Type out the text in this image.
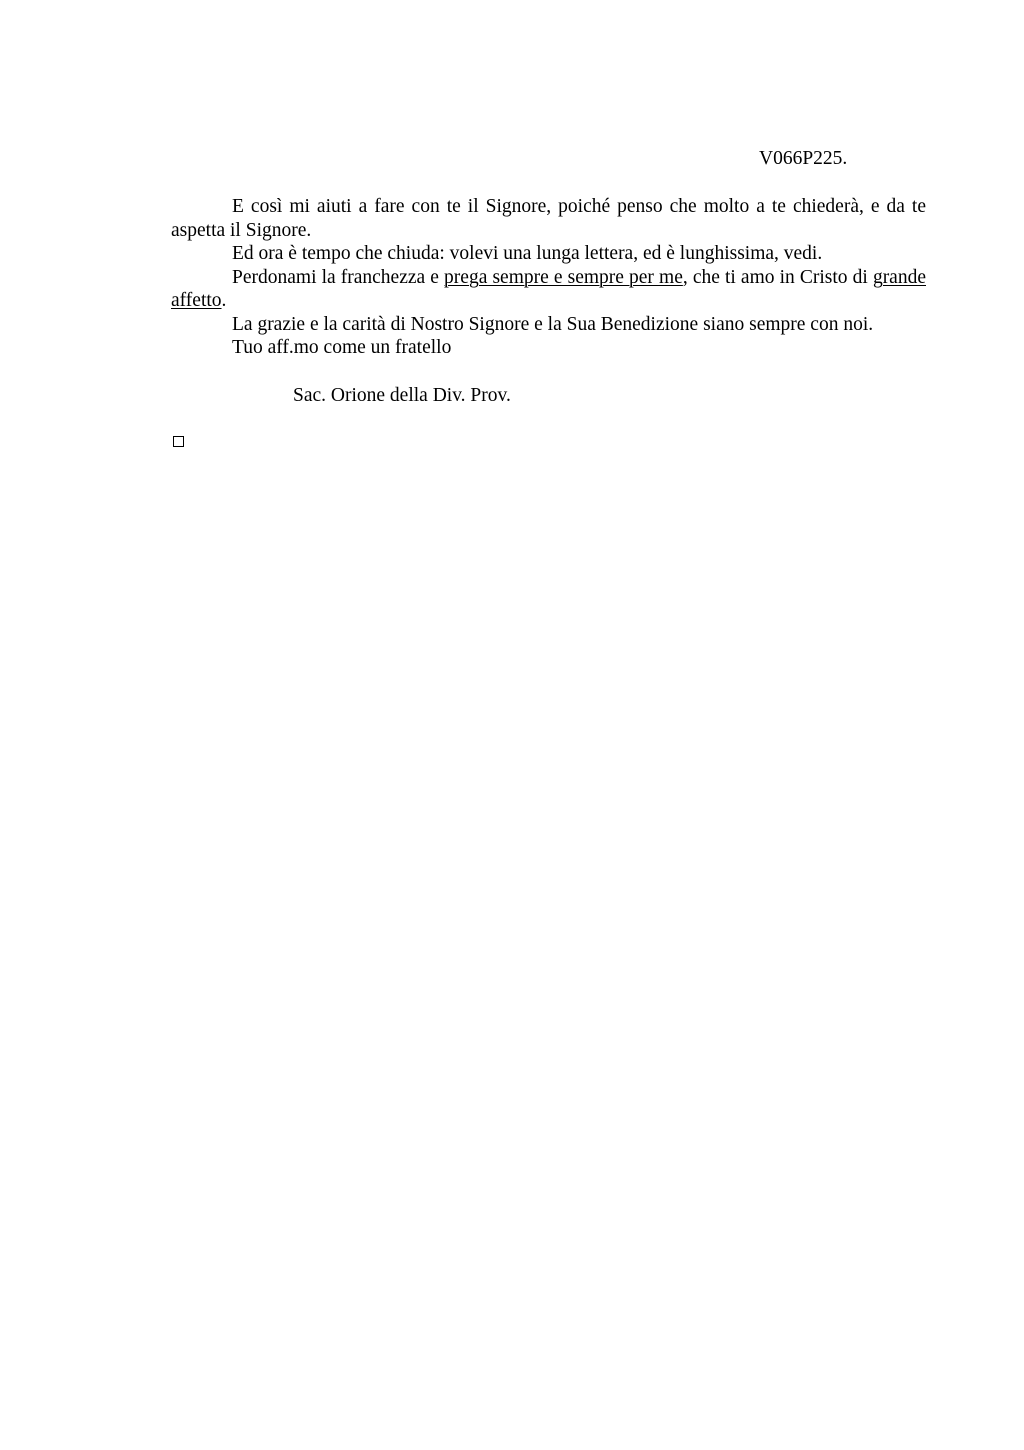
V066P225.

E così mi aiuti a fare con te il Signore, poiché penso che molto a te chiederà, e da te aspetta il Signore.

Ed ora è tempo che chiuda: volevi una lunga lettera, ed è lunghissima, vedi.

Perdonami la franchezza e prega sempre e sempre per me, che ti amo in Cristo di grande affetto.

La grazie e la carità di Nostro Signore e la Sua Benedizione siano sempre con noi.

Tuo aff.mo come un fratello

Sac. Orione della Div. Prov.
